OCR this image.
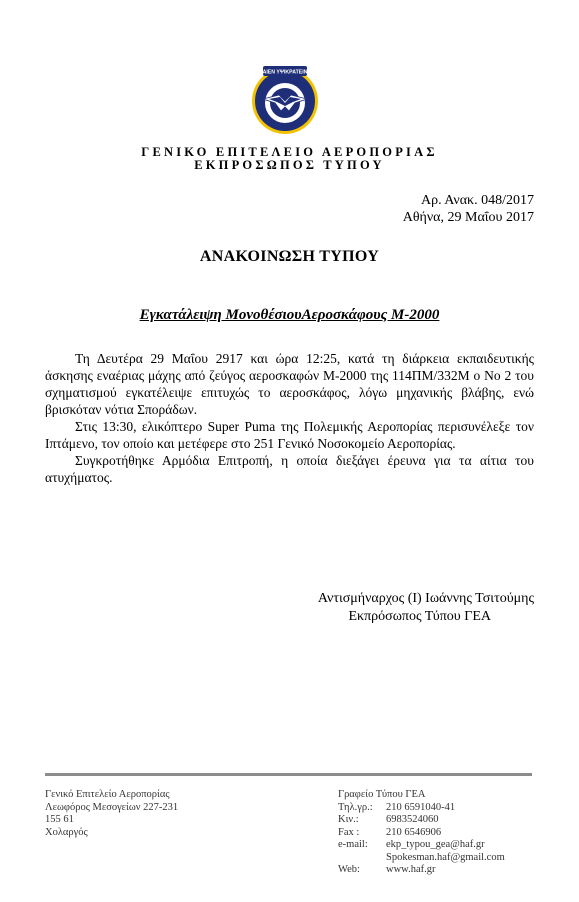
ΑΙΕΝ ΥΨΙΚΡΑΤΕΙΝ
ΓΕΝΙΚΟ ΕΠΙΤΕΛΕΙΟ ΑΕΡΟΠΟΡΙΑΣ
ΕΚΠΡΟΣΩΠΟΣ ΤΥΠΟΥ
Αρ. Ανακ. 048/2017
Αθήνα, 29 Μαΐου 2017
ΑΝΑΚΟΙΝΩΣΗ ΤΥΠΟΥ
Εγκατάλειψη ΜονοθέσιουΑεροσκάφους Μ-2000

Τη Δευτέρα 29 Μαΐου 2917 και ώρα 12:25, κατά τη διάρκεια εκπαιδευτικής άσκησης εναέριας μάχης από ζεύγος αεροσκαφών Μ-2000 της 114ΠΜ/332Μ ο Νο 2 του σχηματισμού εγκατέλειψε επιτυχώς το αεροσκάφος, λόγω μηχανικής βλάβης, ενώ βρισκόταν νότια Σποράδων.

Στις 13:30, ελικόπτερο Super Puma της Πολεμικής Αεροπορίας περισυνέλεξε τον Ιπτάμενο, τον οποίο και μετέφερε στο 251 Γενικό Νοσοκομείο Αεροπορίας.

Συγκροτήθηκε Αρμόδια Επιτροπή, η οποία διεξάγει έρευνα για τα αίτια του ατυχήματος.

Αντισμήναρχος (Ι) Ιωάννης Τσιτούμης
Εκπρόσωπος Τύπου ΓΕΑ
Γενικό Επιτελείο Αεροπορίας
Λεωφόρος Μεσογείων 227-231
155 61
Χολαργός
Γραφείο Τύπου ΓΕΑ
Τηλ.γρ.:	210 6591040-41
Κιν.:	6983524060
Fax :	210 6546906
e-mail:	ekp_typou_gea@haf.gr
Spokesman.haf@gmail.com
Web:	www.haf.gr
